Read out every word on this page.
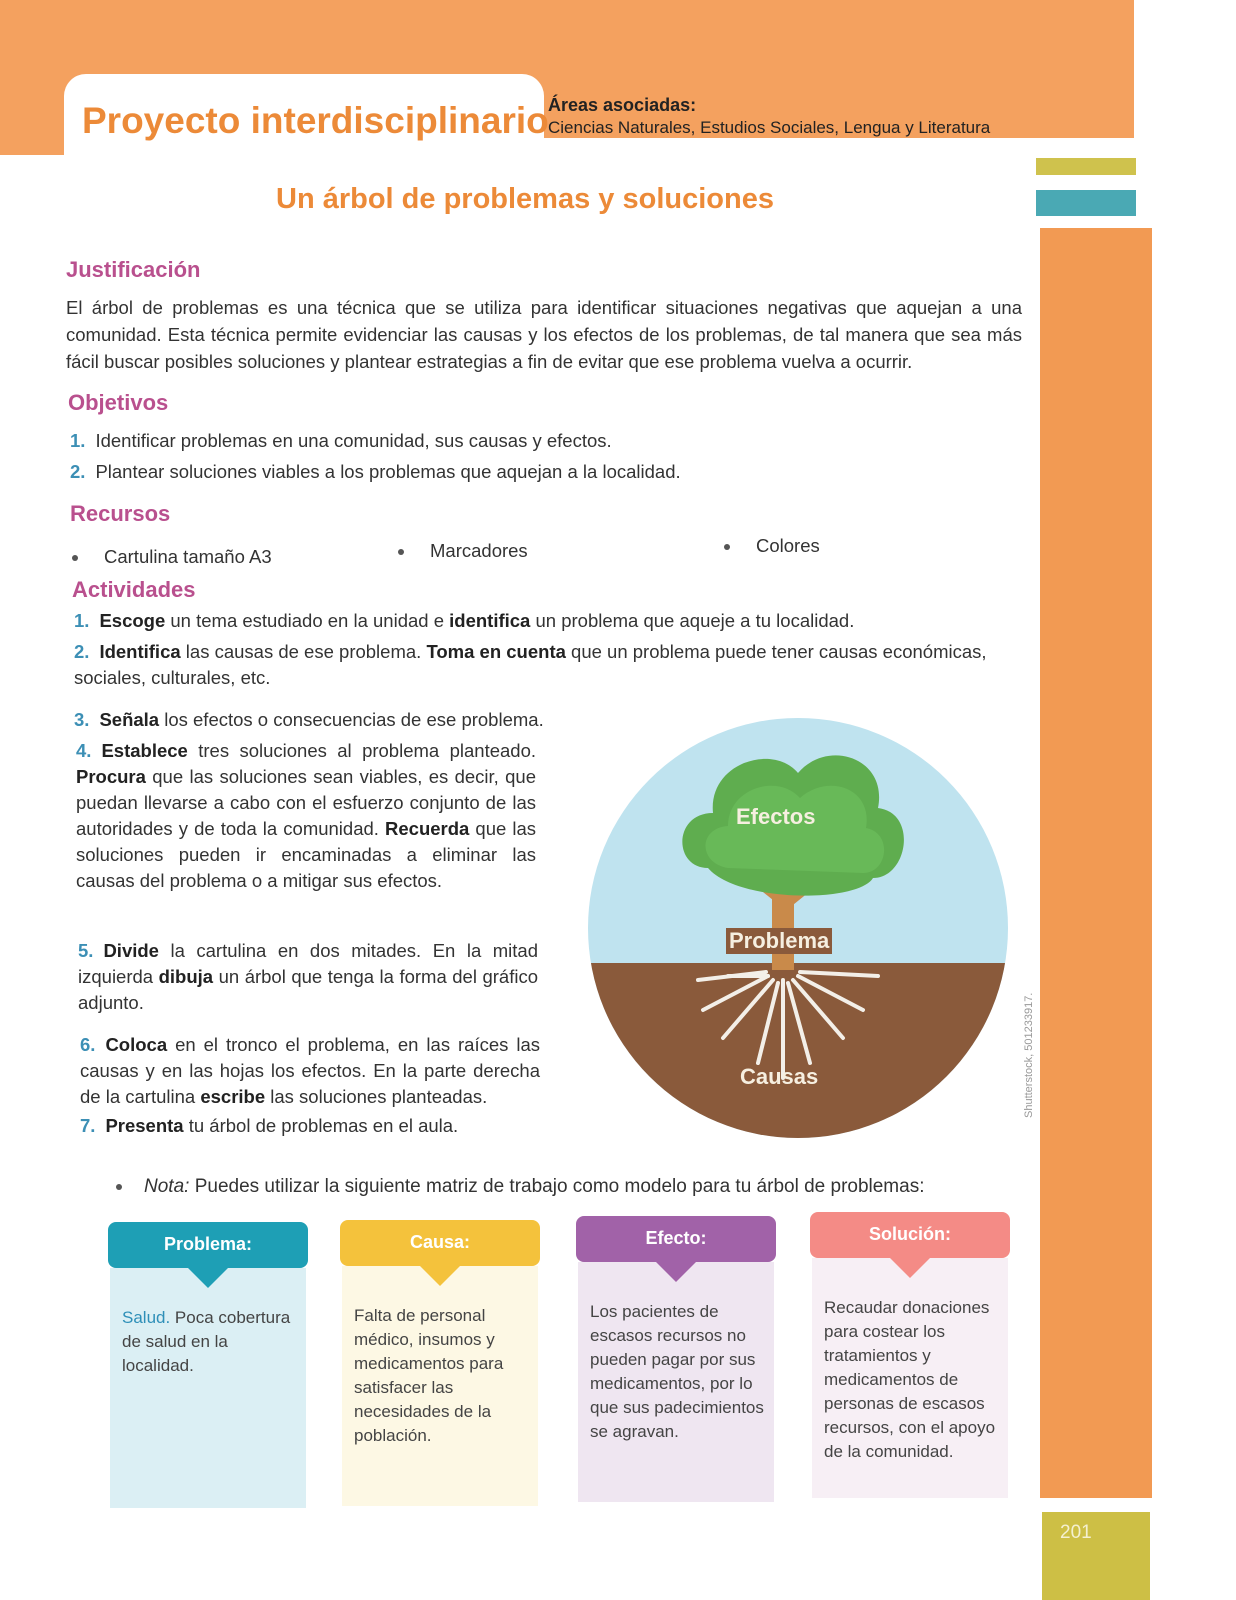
Proyecto interdisciplinario Áreas asociadas:
Ciencias Naturales, Estudios Sociales, Lengua y Literatura
Un árbol de problemas y soluciones
Justificación
El árbol de problemas es una técnica que se utiliza para identificar situaciones negativas que aquejan a una comunidad. Esta técnica permite evidenciar las causas y los efectos de los problemas, de tal manera que sea más fácil buscar posibles soluciones y plantear estrategias a fin de evitar que ese problema vuelva a ocurrir.
Objetivos
1. Identificar problemas en una comunidad, sus causas y efectos.
2. Plantear soluciones viables a los problemas que aquejan a la localidad.
Recursos
Cartulina tamaño A3	Marcadores	Colores
Actividades
1. Escoge un tema estudiado en la unidad e identifica un problema que aqueje a tu localidad.
2. Identifica las causas de ese problema. Toma en cuenta que un problema puede tener causas económicas, sociales, culturales, etc.
3. Señala los efectos o consecuencias de ese problema.
4. Establece tres soluciones al problema planteado. Procura que las soluciones sean viables, es decir, que puedan llevarse a cabo con el esfuerzo conjunto de las autoridades y de toda la comunidad. Recuerda que las soluciones pueden ir encaminadas a eliminar las causas del problema o a mitigar sus efectos.
5. Divide la cartulina en dos mitades. En la mitad izquierda dibuja un árbol que tenga la forma del gráfico adjunto.
6. Coloca en el tronco el problema, en las raíces las causas y en las hojas los efectos. En la parte derecha de la cartulina escribe las soluciones planteadas.
7. Presenta tu árbol de problemas en el aula.
Efectos
Problema
Causas	Shutterstock, 501233917.
Nota: Puedes utilizar la siguiente matriz de trabajo como modelo para tu árbol de problemas:
Problema:
Salud. Poca cobertura de salud en la localidad.
Causa:
Falta de personal médico, insumos y medicamentos para satisfacer las necesidades de la población.
Efecto:
Los pacientes de escasos recursos no pueden pagar por sus medicamentos, por lo que sus padecimientos se agravan.
Solución:
Recaudar donaciones para costear los tratamientos y medicamentos de personas de escasos recursos, con el apoyo de la comunidad.
201
